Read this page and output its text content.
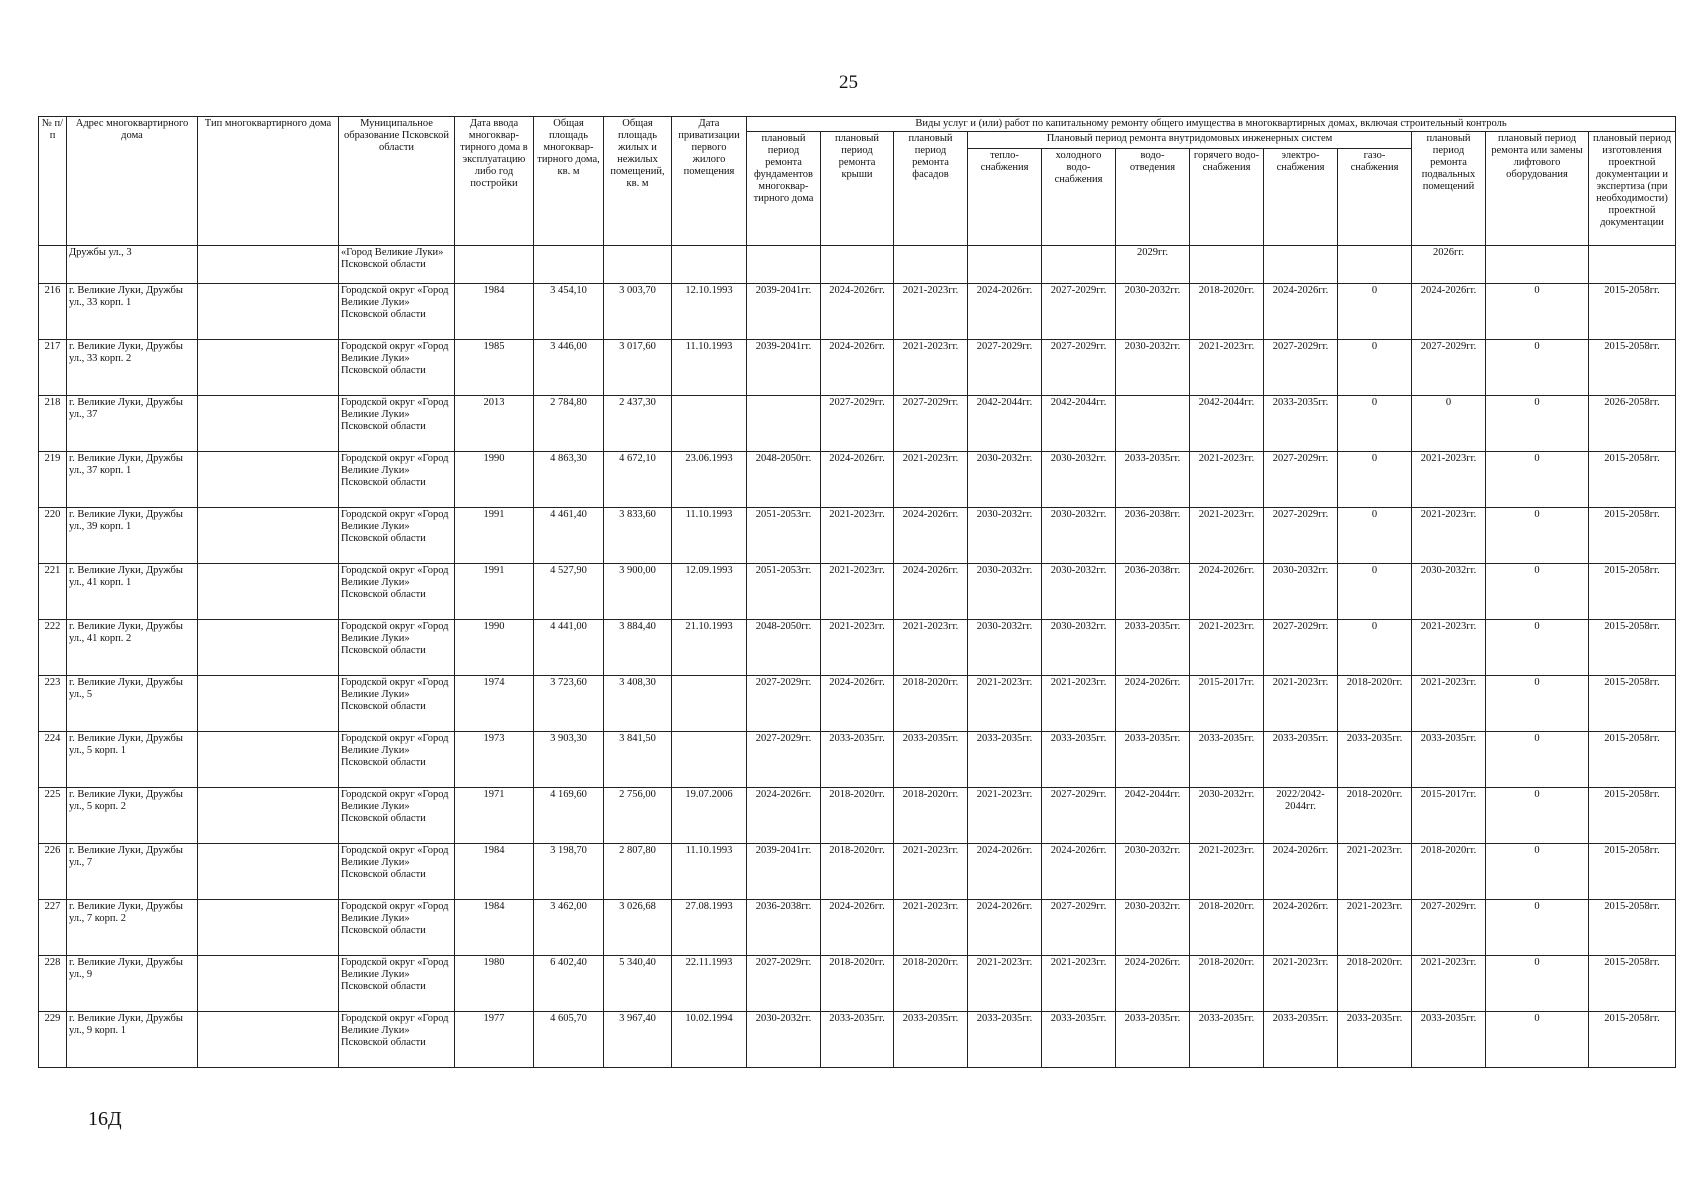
25
№ п/п	Адрес многоквартирного дома	Тип многоквартирного дома	Муниципальное образование Псковской области	Дата ввода многоквар-тирного дома в эксплуатацию либо год постройки	Общая площадь многоквар-тирного дома, кв. м	Общая площадь жилых и нежилых помещений, кв. м	Дата приватизации первого жилого помещения	Виды услуг и (или) работ по капитальному ремонту общего имущества в многоквартирных домах, включая строительный контроль											
								плановый период ремонта фундаментов многоквар-тирного дома	плановый период ремонта крыши	плановый период ремонта фасадов	Плановый период ремонта внутридомовых инженерных систем						плановый период ремонта подвальных помещений	плановый период ремонта или замены лифтового оборудования	плановый период изготовления проектной документации и экспертиза (при необходимости) проектной документации
											тепло-снабжения	холодного водо-снабжения	водо-отведения	горячего водо-снабжения	электро-снабжения	газо-снабжения			
	Дружбы ул., 3		«Город Великие Луки» Псковской области										2029гг.				2026гг.		
216	г. Великие Луки, Дружбы ул., 33 корп. 1		Городской округ «Город Великие Луки» Псковской области	1984	3 454,10	3 003,70	12.10.1993	2039-2041гг.	2024-2026гг.	2021-2023гг.	2024-2026гг.	2027-2029гг.	2030-2032гг.	2018-2020гг.	2024-2026гг.	0	2024-2026гг.	0	2015-2058гг.
217	г. Великие Луки, Дружбы ул., 33 корп. 2		Городской округ «Город Великие Луки» Псковской области	1985	3 446,00	3 017,60	11.10.1993	2039-2041гг.	2024-2026гг.	2021-2023гг.	2027-2029гг.	2027-2029гг.	2030-2032гг.	2021-2023гг.	2027-2029гг.	0	2027-2029гг.	0	2015-2058гг.
218	г. Великие Луки, Дружбы ул., 37		Городской округ «Город Великие Луки» Псковской области	2013	2 784,80	2 437,30			2027-2029гг.	2027-2029гг.	2042-2044гг.	2042-2044гг.		2042-2044гг.	2033-2035гг.	0	0	0	2026-2058гг.
219	г. Великие Луки, Дружбы ул., 37 корп. 1		Городской округ «Город Великие Луки» Псковской области	1990	4 863,30	4 672,10	23.06.1993	2048-2050гг.	2024-2026гг.	2021-2023гг.	2030-2032гг.	2030-2032гг.	2033-2035гг.	2021-2023гг.	2027-2029гг.	0	2021-2023гг.	0	2015-2058гг.
220	г. Великие Луки, Дружбы ул., 39 корп. 1		Городской округ «Город Великие Луки» Псковской области	1991	4 461,40	3 833,60	11.10.1993	2051-2053гг.	2021-2023гг.	2024-2026гг.	2030-2032гг.	2030-2032гг.	2036-2038гг.	2021-2023гг.	2027-2029гг.	0	2021-2023гг.	0	2015-2058гг.
221	г. Великие Луки, Дружбы ул., 41 корп. 1		Городской округ «Город Великие Луки» Псковской области	1991	4 527,90	3 900,00	12.09.1993	2051-2053гг.	2021-2023гг.	2024-2026гг.	2030-2032гг.	2030-2032гг.	2036-2038гг.	2024-2026гг.	2030-2032гг.	0	2030-2032гг.	0	2015-2058гг.
222	г. Великие Луки, Дружбы ул., 41 корп. 2		Городской округ «Город Великие Луки» Псковской области	1990	4 441,00	3 884,40	21.10.1993	2048-2050гг.	2021-2023гг.	2021-2023гг.	2030-2032гг.	2030-2032гг.	2033-2035гг.	2021-2023гг.	2027-2029гг.	0	2021-2023гг.	0	2015-2058гг.
223	г. Великие Луки, Дружбы ул., 5		Городской округ «Город Великие Луки» Псковской области	1974	3 723,60	3 408,30		2027-2029гг.	2024-2026гг.	2018-2020гг.	2021-2023гг.	2021-2023гг.	2024-2026гг.	2015-2017гг.	2021-2023гг.	2018-2020гг.	2021-2023гг.	0	2015-2058гг.
224	г. Великие Луки, Дружбы ул., 5 корп. 1		Городской округ «Город Великие Луки» Псковской области	1973	3 903,30	3 841,50		2027-2029гг.	2033-2035гг.	2033-2035гг.	2033-2035гг.	2033-2035гг.	2033-2035гг.	2033-2035гг.	2033-2035гг.	2033-2035гг.	2033-2035гг.	0	2015-2058гг.
225	г. Великие Луки, Дружбы ул., 5 корп. 2		Городской округ «Город Великие Луки» Псковской области	1971	4 169,60	2 756,00	19.07.2006	2024-2026гг.	2018-2020гг.	2018-2020гг.	2021-2023гг.	2027-2029гг.	2042-2044гг.	2030-2032гг.	2022/2042-2044гг.	2018-2020гг.	2015-2017гг.	0	2015-2058гг.
226	г. Великие Луки, Дружбы ул., 7		Городской округ «Город Великие Луки» Псковской области	1984	3 198,70	2 807,80	11.10.1993	2039-2041гг.	2018-2020гг.	2021-2023гг.	2024-2026гг.	2024-2026гг.	2030-2032гг.	2021-2023гг.	2024-2026гг.	2021-2023гг.	2018-2020гг.	0	2015-2058гг.
227	г. Великие Луки, Дружбы ул., 7 корп. 2		Городской округ «Город Великие Луки» Псковской области	1984	3 462,00	3 026,68	27.08.1993	2036-2038гг.	2024-2026гг.	2021-2023гг.	2024-2026гг.	2027-2029гг.	2030-2032гг.	2018-2020гг.	2024-2026гг.	2021-2023гг.	2027-2029гг.	0	2015-2058гг.
228	г. Великие Луки, Дружбы ул., 9		Городской округ «Город Великие Луки» Псковской области	1980	6 402,40	5 340,40	22.11.1993	2027-2029гг.	2018-2020гг.	2018-2020гг.	2021-2023гг.	2021-2023гг.	2024-2026гг.	2018-2020гг.	2021-2023гг.	2018-2020гг.	2021-2023гг.	0	2015-2058гг.
229	г. Великие Луки, Дружбы ул., 9 корп. 1		Городской округ «Город Великие Луки» Псковской области	1977	4 605,70	3 967,40	10.02.1994	2030-2032гг.	2033-2035гг.	2033-2035гг.	2033-2035гг.	2033-2035гг.	2033-2035гг.	2033-2035гг.	2033-2035гг.	2033-2035гг.	2033-2035гг.	0	2015-2058гг.
16Д
